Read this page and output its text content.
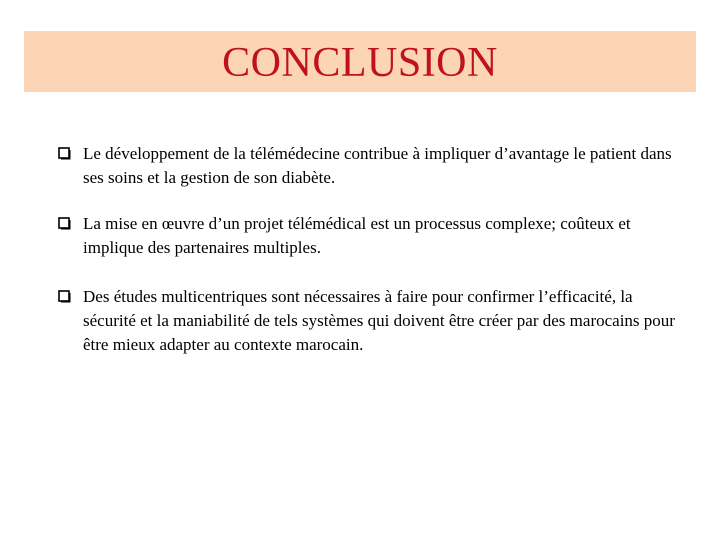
CONCLUSION
Le développement de la télémédecine contribue à impliquer d’avantage le patient dans ses soins et la gestion de son diabète.
La mise en œuvre d’un projet télémédical est un processus complexe; coûteux et implique des partenaires multiples.
Des études multicentriques sont nécessaires à faire pour confirmer l’efficacité, la sécurité et la maniabilité de tels systèmes qui doivent être créer par des marocains pour être mieux adapter au contexte marocain.
